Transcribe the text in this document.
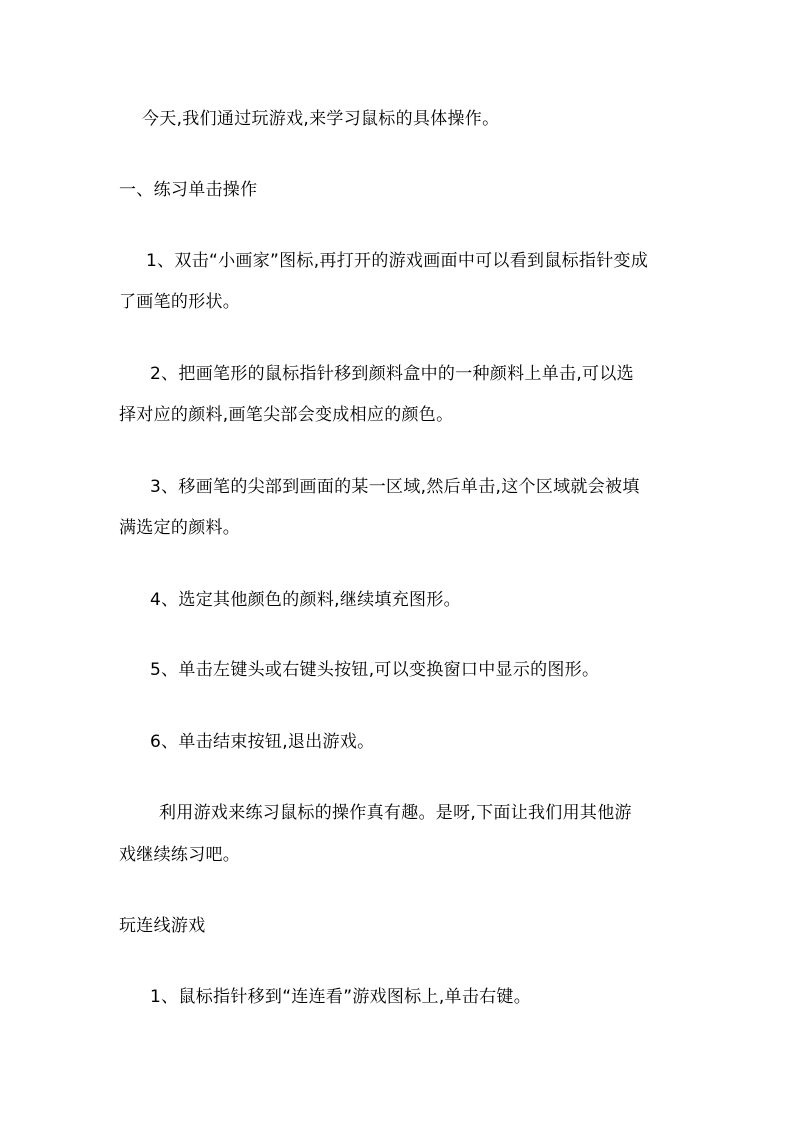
今天,我们通过玩游戏,来学习鼠标的具体操作。
一、练习单击操作
1、双击“小画家”图标,再打开的游戏画面中可以看到鼠标指针变成
了画笔的形状。
2、把画笔形的鼠标指针移到颜料盒中的一种颜料上单击,可以选
择对应的颜料,画笔尖部会变成相应的颜色。
3、移画笔的尖部到画面的某一区域,然后单击,这个区域就会被填
满选定的颜料。
4、选定其他颜色的颜料,继续填充图形。
5、单击左键头或右键头按钮,可以变换窗口中显示的图形。
6、单击结束按钮,退出游戏。
利用游戏来练习鼠标的操作真有趣。是呀,下面让我们用其他游
戏继续练习吧。
玩连线游戏
1、鼠标指针移到“连连看”游戏图标上,单击右键。
